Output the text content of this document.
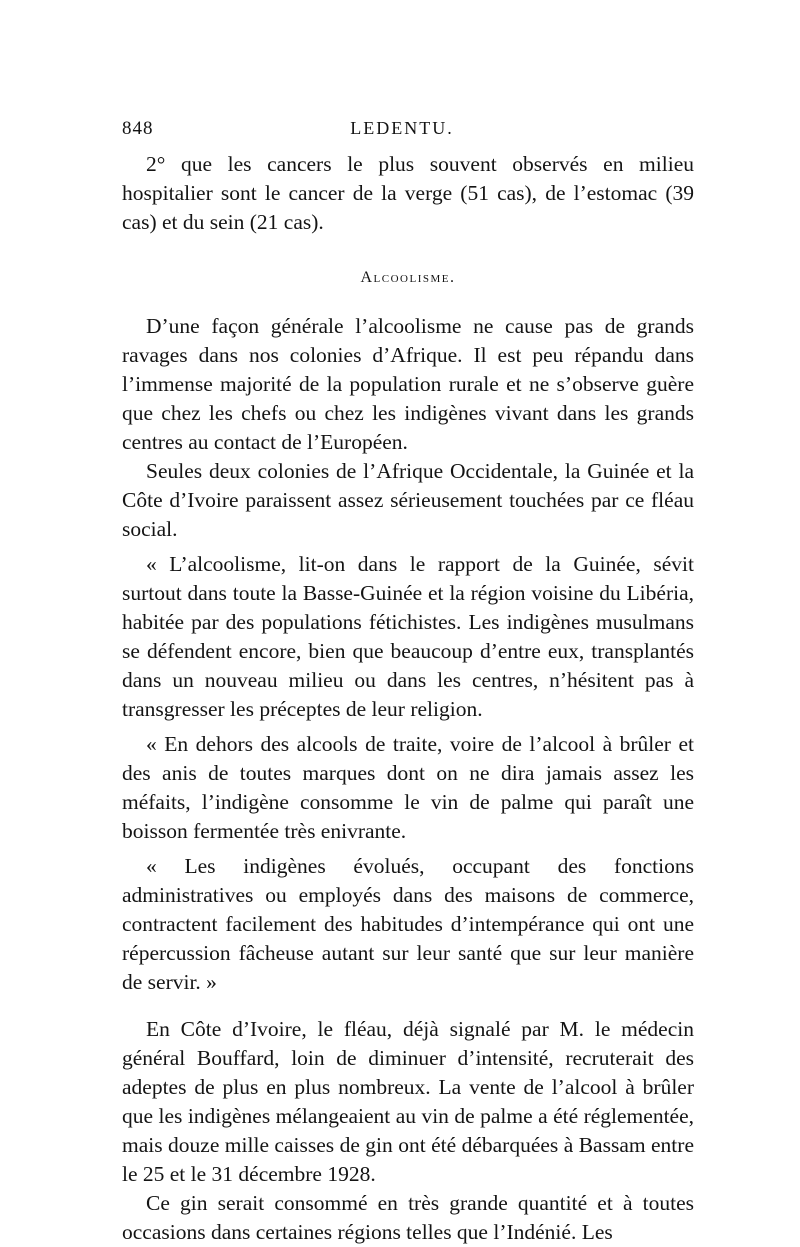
848	LEDENTU.

2° que les cancers le plus souvent observés en milieu hospitalier sont le cancer de la verge (51 cas), de l’estomac (39 cas) et du sein (21 cas).

Alcoolisme.

D’une façon générale l’alcoolisme ne cause pas de grands ravages dans nos colonies d’Afrique. Il est peu répandu dans l’immense majorité de la population rurale et ne s’observe guère que chez les chefs ou chez les indigènes vivant dans les grands centres au contact de l’Européen.

Seules deux colonies de l’Afrique Occidentale, la Guinée et la Côte d’Ivoire paraissent assez sérieusement touchées par ce fléau social.

« L’alcoolisme, lit-on dans le rapport de la Guinée, sévit surtout dans toute la Basse-Guinée et la région voisine du Libéria, habitée par des populations fétichistes. Les indigènes musulmans se défendent encore, bien que beaucoup d’entre eux, transplantés dans un nouveau milieu ou dans les centres, n’hésitent pas à transgresser les préceptes de leur religion.

« En dehors des alcools de traite, voire de l’alcool à brûler et des anis de toutes marques dont on ne dira jamais assez les méfaits, l’indigène consomme le vin de palme qui paraît une boisson fermentée très enivrante.

« Les indigènes évolués, occupant des fonctions administratives ou employés dans des maisons de commerce, contractent facilement des habitudes d’intempérance qui ont une répercussion fâcheuse autant sur leur santé que sur leur manière de servir. »

En Côte d’Ivoire, le fléau, déjà signalé par M. le médecin général Bouffard, loin de diminuer d’intensité, recruterait des adeptes de plus en plus nombreux. La vente de l’alcool à brûler que les indigènes mélangeaient au vin de palme a été réglementée, mais douze mille caisses de gin ont été débarquées à Bassam entre le 25 et le 31 décembre 1928.

Ce gin serait consommé en très grande quantité et à toutes occasions dans certaines régions telles que l’Indénié. Les
